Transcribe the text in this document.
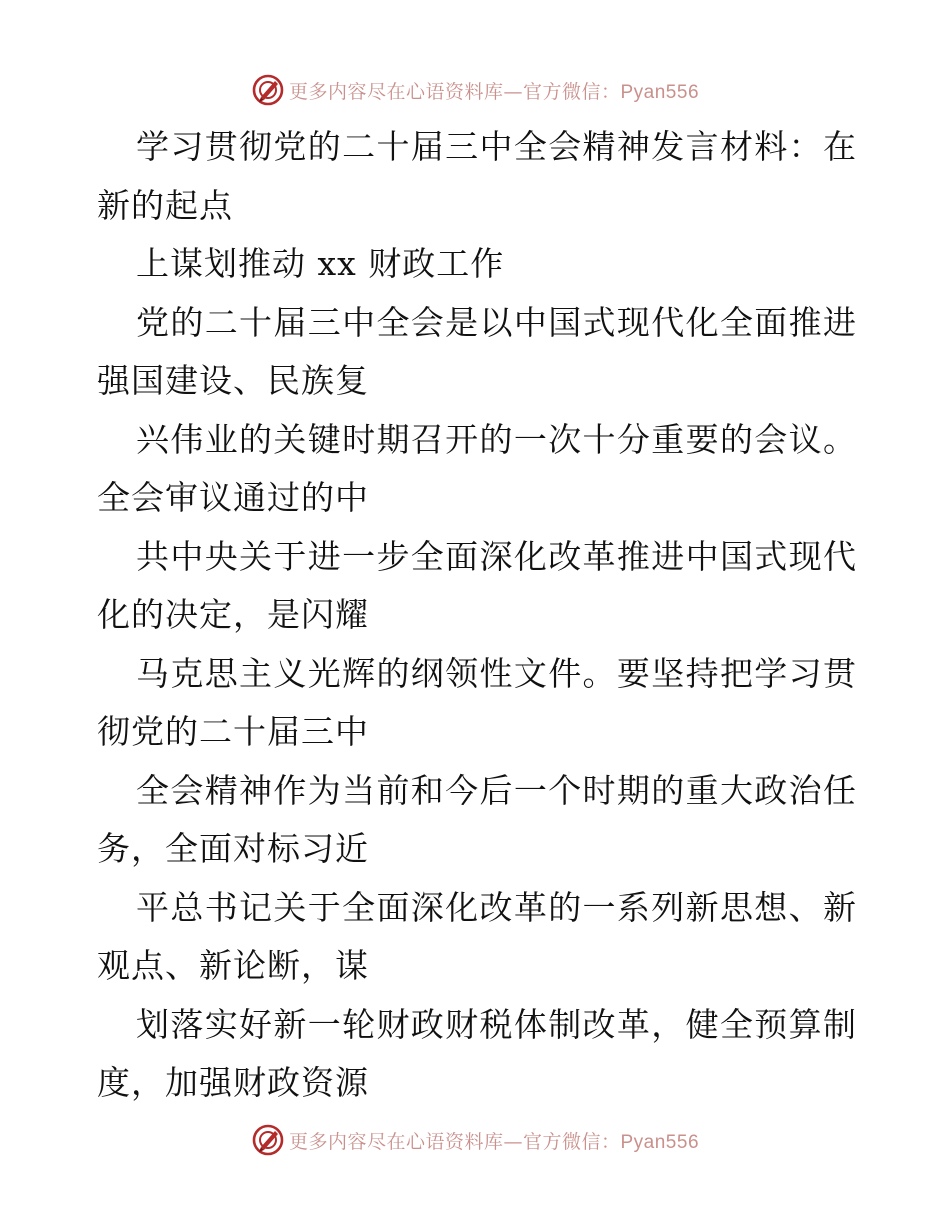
更多内容尽在心语资料库—官方微信：Pyan556

学习贯彻党的二十届三中全会精神发言材料：在新的起点

上谋划推动 xx 财政工作

党的二十届三中全会是以中国式现代化全面推进强国建设、民族复

兴伟业的关键时期召开的一次十分重要的会议。全会审议通过的中

共中央关于进一步全面深化改革推进中国式现代化的决定，是闪耀

马克思主义光辉的纲领性文件。要坚持把学习贯彻党的二十届三中

全会精神作为当前和今后一个时期的重大政治任务，全面对标习近

平总书记关于全面深化改革的一系列新思想、新观点、新论断，谋

划落实好新一轮财政财税体制改革，健全预算制度，加强财政资源

更多内容尽在心语资料库—官方微信：Pyan556
